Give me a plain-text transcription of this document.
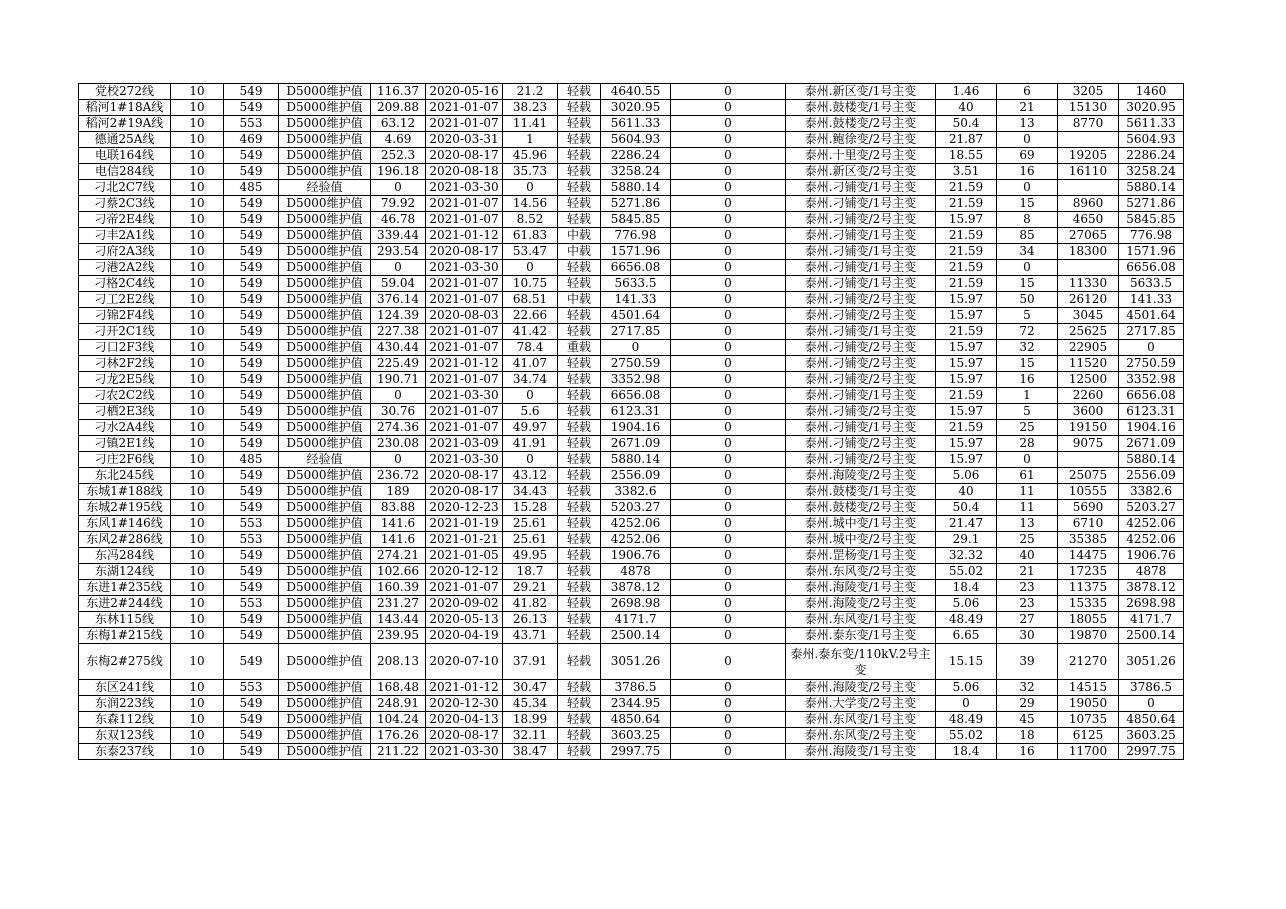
党校272线	10	549	D5000维护值	116.37	2020-05-16	21.2	轻载	4640.55	0	泰州.新区变/1号主变	1.46	6	3205	1460
稻河1#18A线	10	549	D5000维护值	209.88	2021-01-07	38.23	轻载	3020.95	0	泰州.鼓楼变/1号主变	40	21	15130	3020.95
稻河2#19A线	10	553	D5000维护值	63.12	2021-01-07	11.41	轻载	5611.33	0	泰州.鼓楼变/2号主变	50.4	13	8770	5611.33
德通25A线	10	469	D5000维护值	4.69	2020-03-31	1	轻载	5604.93	0	泰州.鲍徐变/2号主变	21.87	0		5604.93
电联164线	10	549	D5000维护值	252.3	2020-08-17	45.96	轻载	2286.24	0	泰州.十里变/2号主变	18.55	69	19205	2286.24
电信284线	10	549	D5000维护值	196.18	2020-08-18	35.73	轻载	3258.24	0	泰州.新区变/2号主变	3.51	16	16110	3258.24
刁北2C7线	10	485	经验值	0	2021-03-30	0	轻载	5880.14	0	泰州.刁铺变/1号主变	21.59	0		5880.14
刁蔡2C3线	10	549	D5000维护值	79.92	2021-01-07	14.56	轻载	5271.86	0	泰州.刁铺变/1号主变	21.59	15	8960	5271.86
刁帝2E4线	10	549	D5000维护值	46.78	2021-01-07	8.52	轻载	5845.85	0	泰州.刁铺变/2号主变	15.97	8	4650	5845.85
刁丰2A1线	10	549	D5000维护值	339.44	2021-01-12	61.83	中载	776.98	0	泰州.刁铺变/1号主变	21.59	85	27065	776.98
刁府2A3线	10	549	D5000维护值	293.54	2020-08-17	53.47	中载	1571.96	0	泰州.刁铺变/1号主变	21.59	34	18300	1571.96
刁港2A2线	10	549	D5000维护值	0	2021-03-30	0	轻载	6656.08	0	泰州.刁铺变/1号主变	21.59	0		6656.08
刁格2C4线	10	549	D5000维护值	59.04	2021-01-07	10.75	轻载	5633.5	0	泰州.刁铺变/1号主变	21.59	15	11330	5633.5
刁工2E2线	10	549	D5000维护值	376.14	2021-01-07	68.51	中载	141.33	0	泰州.刁铺变/2号主变	15.97	50	26120	141.33
刁锦2F4线	10	549	D5000维护值	124.39	2020-08-03	22.66	轻载	4501.64	0	泰州.刁铺变/2号主变	15.97	5	3045	4501.64
刁开2C1线	10	549	D5000维护值	227.38	2021-01-07	41.42	轻载	2717.85	0	泰州.刁铺变/1号主变	21.59	72	25625	2717.85
刁口2F3线	10	549	D5000维护值	430.44	2021-01-07	78.4	重载	0	0	泰州.刁铺变/2号主变	15.97	32	22905	0
刁林2F2线	10	549	D5000维护值	225.49	2021-01-12	41.07	轻载	2750.59	0	泰州.刁铺变/2号主变	15.97	15	11520	2750.59
刁龙2E5线	10	549	D5000维护值	190.71	2021-01-07	34.74	轻载	3352.98	0	泰州.刁铺变/2号主变	15.97	16	12500	3352.98
刁农2C2线	10	549	D5000维护值	0	2021-03-30	0	轻载	6656.08	0	泰州.刁铺变/1号主变	21.59	1	2260	6656.08
刁栖2E3线	10	549	D5000维护值	30.76	2021-01-07	5.6	轻载	6123.31	0	泰州.刁铺变/2号主变	15.97	5	3600	6123.31
刁水2A4线	10	549	D5000维护值	274.36	2021-01-07	49.97	轻载	1904.16	0	泰州.刁铺变/1号主变	21.59	25	19150	1904.16
刁镇2E1线	10	549	D5000维护值	230.08	2021-03-09	41.91	轻载	2671.09	0	泰州.刁铺变/2号主变	15.97	28	9075	2671.09
刁庄2F6线	10	485	经验值	0	2021-03-30	0	轻载	5880.14	0	泰州.刁铺变/2号主变	15.97	0		5880.14
东北245线	10	549	D5000维护值	236.72	2020-08-17	43.12	轻载	2556.09	0	泰州.海陵变/2号主变	5.06	61	25075	2556.09
东城1#188线	10	549	D5000维护值	189	2020-08-17	34.43	轻载	3382.6	0	泰州.鼓楼变/1号主变	40	11	10555	3382.6
东城2#195线	10	549	D5000维护值	83.88	2020-12-23	15.28	轻载	5203.27	0	泰州.鼓楼变/2号主变	50.4	11	5690	5203.27
东风1#146线	10	553	D5000维护值	141.6	2021-01-19	25.61	轻载	4252.06	0	泰州.城中变/1号主变	21.47	13	6710	4252.06
东风2#286线	10	553	D5000维护值	141.6	2021-01-21	25.61	轻载	4252.06	0	泰州.城中变/2号主变	29.1	25	35385	4252.06
东冯284线	10	549	D5000维护值	274.21	2021-01-05	49.95	轻载	1906.76	0	泰州.罡杨变/1号主变	32.32	40	14475	1906.76
东湖124线	10	549	D5000维护值	102.66	2020-12-12	18.7	轻载	4878	0	泰州.东风变/2号主变	55.02	21	17235	4878
东进1#235线	10	549	D5000维护值	160.39	2021-01-07	29.21	轻载	3878.12	0	泰州.海陵变/1号主变	18.4	23	11375	3878.12
东进2#244线	10	553	D5000维护值	231.27	2020-09-02	41.82	轻载	2698.98	0	泰州.海陵变/2号主变	5.06	23	15335	2698.98
东林115线	10	549	D5000维护值	143.44	2020-05-13	26.13	轻载	4171.7	0	泰州.东风变/1号主变	48.49	27	18055	4171.7
东梅1#215线	10	549	D5000维护值	239.95	2020-04-19	43.71	轻载	2500.14	0	泰州.泰东变/1号主变	6.65	30	19870	2500.14
东梅2#275线	10	549	D5000维护值	208.13	2020-07-10	37.91	轻载	3051.26	0	泰州.泰东变/110kV.2号主变	15.15	39	21270	3051.26
东区241线	10	553	D5000维护值	168.48	2021-01-12	30.47	轻载	3786.5	0	泰州.海陵变/2号主变	5.06	32	14515	3786.5
东润223线	10	549	D5000维护值	248.91	2020-12-30	45.34	轻载	2344.95	0	泰州.大学变/2号主变	0	29	19050	0
东森112线	10	549	D5000维护值	104.24	2020-04-13	18.99	轻载	4850.64	0	泰州.东风变/1号主变	48.49	45	10735	4850.64
东双123线	10	549	D5000维护值	176.26	2020-08-17	32.11	轻载	3603.25	0	泰州.东风变/2号主变	55.02	18	6125	3603.25
东泰237线	10	549	D5000维护值	211.22	2021-03-30	38.47	轻载	2997.75	0	泰州.海陵变/1号主变	18.4	16	11700	2997.75
